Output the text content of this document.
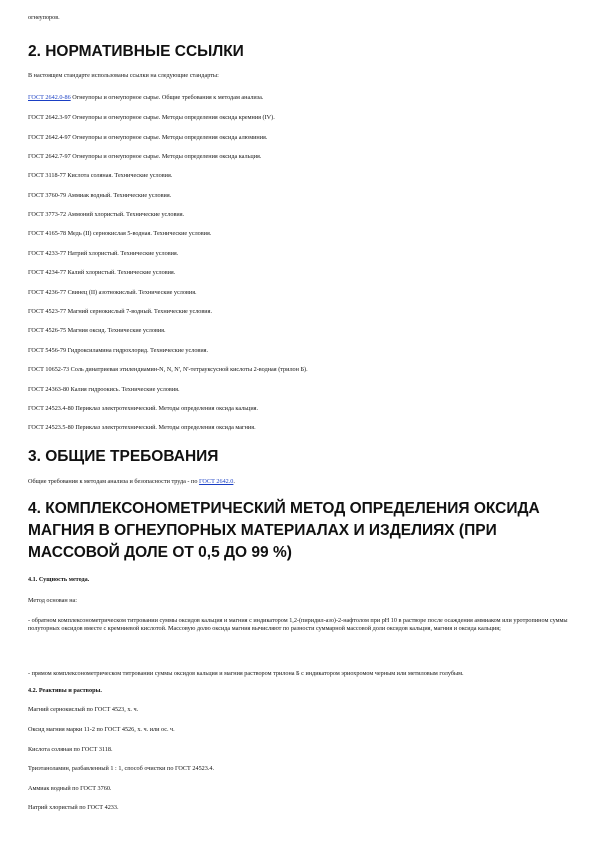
огнеупоров.
2. НОРМАТИВНЫЕ ССЫЛКИ
В настоящем стандарте использованы ссылки на следующие стандарты:
ГОСТ 2642.0-86 Огнеупоры и огнеупорное сырье. Общие требования к методам анализа.
ГОСТ 2642.3-97 Огнеупоры и огнеупорное сырье. Методы определения оксида кремния (IV).
ГОСТ 2642.4-97 Огнеупоры и огнеупорное сырье. Методы определения оксида алюминия.
ГОСТ 2642.7-97 Огнеупоры и огнеупорное сырье. Методы определения оксида кальция.
ГОСТ 3118-77 Кислота соляная. Технические условия.
ГОСТ 3760-79 Аммиак водный. Технические условия.
ГОСТ 3773-72 Аммоний хлористый. Технические условия.
ГОСТ 4165-78 Медь (II) сернокислая 5-водная. Технические условия.
ГОСТ 4233-77 Натрий хлористый. Технические условия.
ГОСТ 4234-77 Калий хлористый. Технические условия.
ГОСТ 4236-77 Свинец (II) азотнокислый. Технические условия.
ГОСТ 4523-77 Магний сернокислый 7-водный. Технические условия.
ГОСТ 4526-75 Магния оксид. Технические условия.
ГОСТ 5456-79 Гидроксиламина гидрохлорид. Технические условия.
ГОСТ 10652-73 Соль динатриевая этилендиамин-N, N, N', N'-тетрауксусной кислоты 2-водная (трилон Б).
ГОСТ 24363-80 Калия гидроокись. Технические условия.
ГОСТ 24523.4-80 Периклаз электротехнический. Методы определения оксида кальция.
ГОСТ 24523.5-80 Периклаз электротехнический. Методы определения оксида магния.
3. ОБЩИЕ ТРЕБОВАНИЯ
Общие требования к методам анализа и безопасности труда - по ГОСТ 2642.0.
4. КОМПЛЕКСОНОМЕТРИЧЕСКИЙ МЕТОД ОПРЕДЕЛЕНИЯ ОКСИДА МАГНИЯ В ОГНЕУПОРНЫХ МАТЕРИАЛАХ И ИЗДЕЛИЯХ (ПРИ МАССОВОЙ ДОЛЕ ОТ 0,5 ДО 99 %)
4.1. Сущность метода.
Метод основан на:
- обратном комплексонометрическом титровании суммы оксидов кальция и магния с индикатором 1,2-(пиридил-азо)-2-нафтолом при рН 10 в растворе после осаждения аммиаком или уротропином суммы полуторных оксидов вместе с кремниевой кислотой. Массовую долю оксида магния вычисляют по разности суммарной массовой доли оксидов кальция, магния и оксида кальция;
- прямом комплексонометрическом титровании суммы оксидов кальция и магния раствором трилона Б с индикатором эриохромом черным или метиловым голубым.
4.2. Реактивы и растворы.
Магний сернокислый по ГОСТ 4523, х. ч.
Оксид магния марки 11-2 по ГОСТ 4526, х. ч. или ос. ч.
Кислота соляная по ГОСТ 3118.
Триэтаноламин, разбавленный 1 : 1, способ очистки по ГОСТ 24523.4.
Аммиак водный по ГОСТ 3760.
Натрий хлористый по ГОСТ 4233.
